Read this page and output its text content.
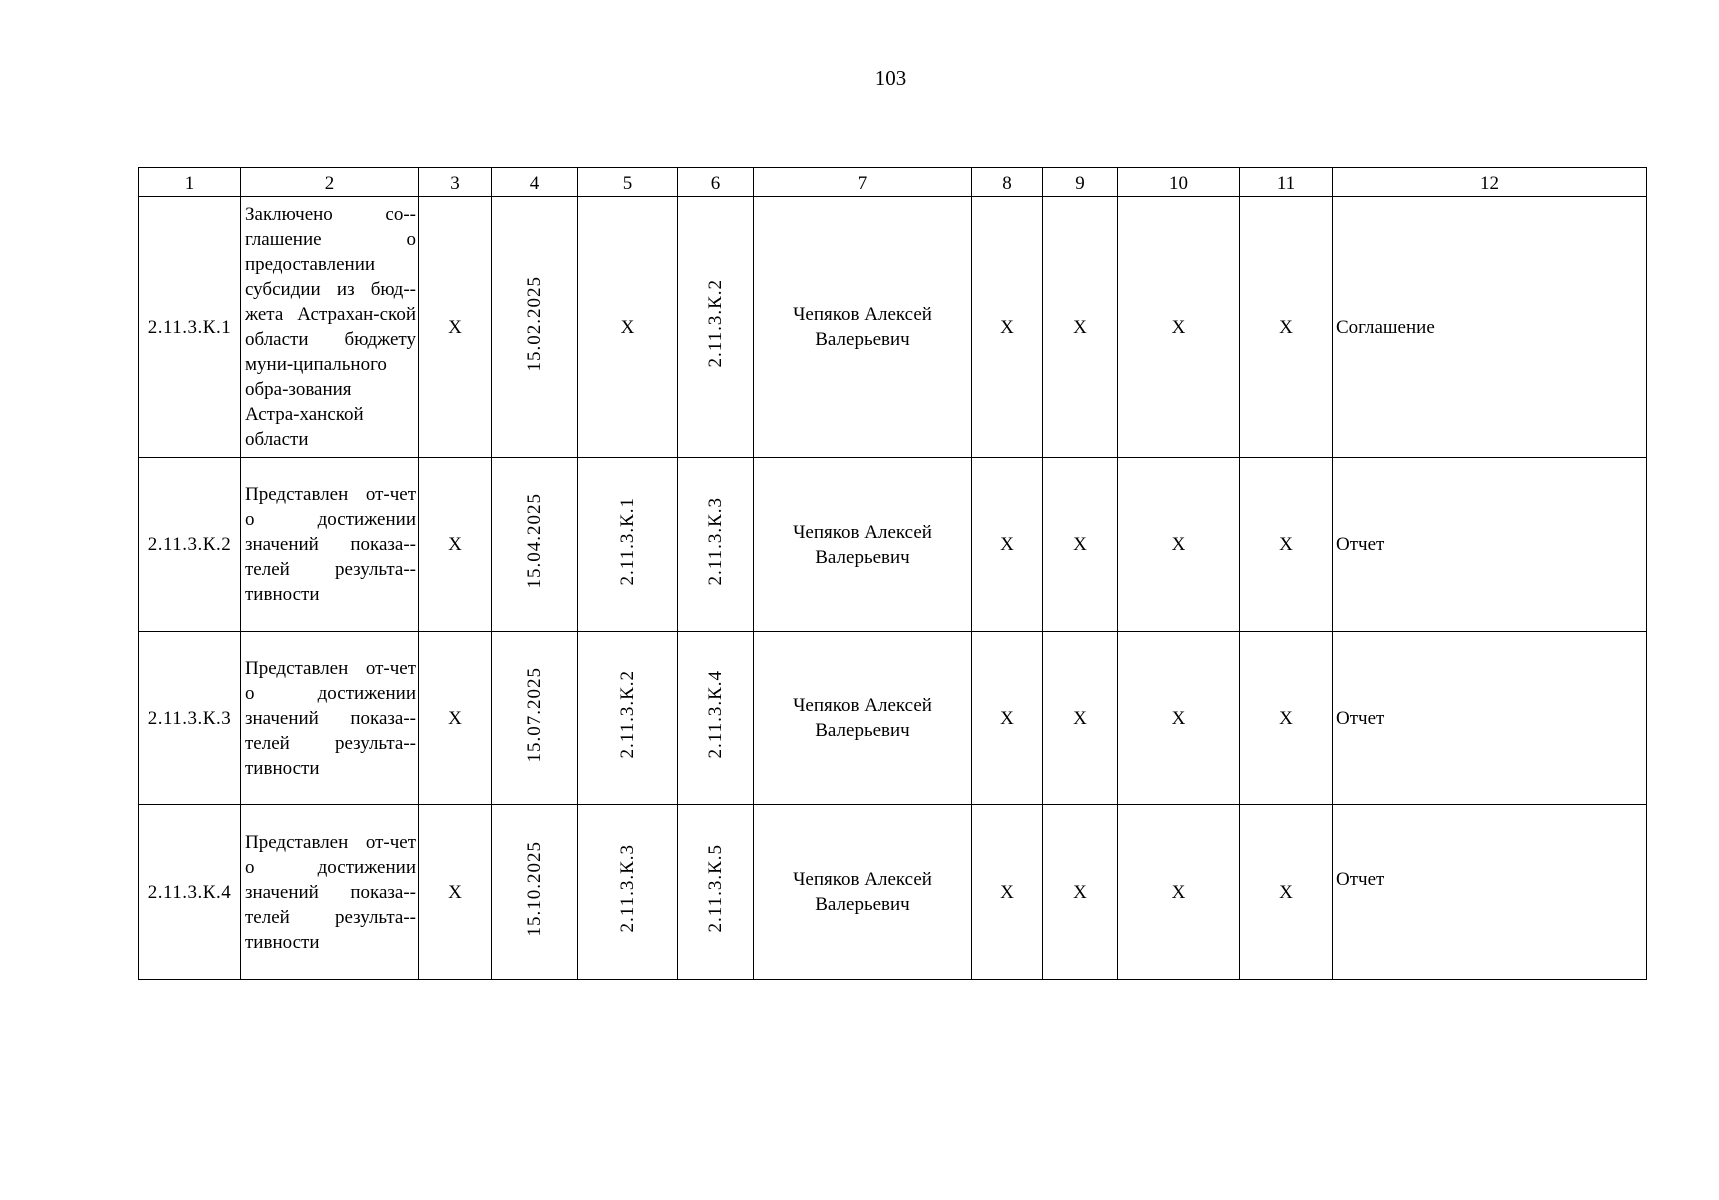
103
1	2	3	4	5	6	7	8	9	10	11	12
2.11.3.К.1	Заключено со-глашение о предоставлении субсидии из бюд-жета Астрахан-ской области бюджету муни-ципального обра-зования Астра-ханской области	X	15.02.2025	X	2.11.3.К.2	Чепяков Алексей Валерьевич	X	X	X	X	Соглашение
2.11.3.К.2	Представлен от-чет о достижении значений показа-телей результа-тивности	X	15.04.2025	2.11.3.К.1	2.11.3.К.3	Чепяков Алексей Валерьевич	X	X	X	X	Отчет
2.11.3.К.3	Представлен от-чет о достижении значений показа-телей результа-тивности	X	15.07.2025	2.11.3.К.2	2.11.3.К.4	Чепяков Алексей Валерьевич	X	X	X	X	Отчет
2.11.3.К.4	Представлен от-чет о достижении значений показа-телей результа-тивности	X	15.10.2025	2.11.3.К.3	2.11.3.К.5	Чепяков Алексей Валерьевич	X	X	X	X	Отчет
